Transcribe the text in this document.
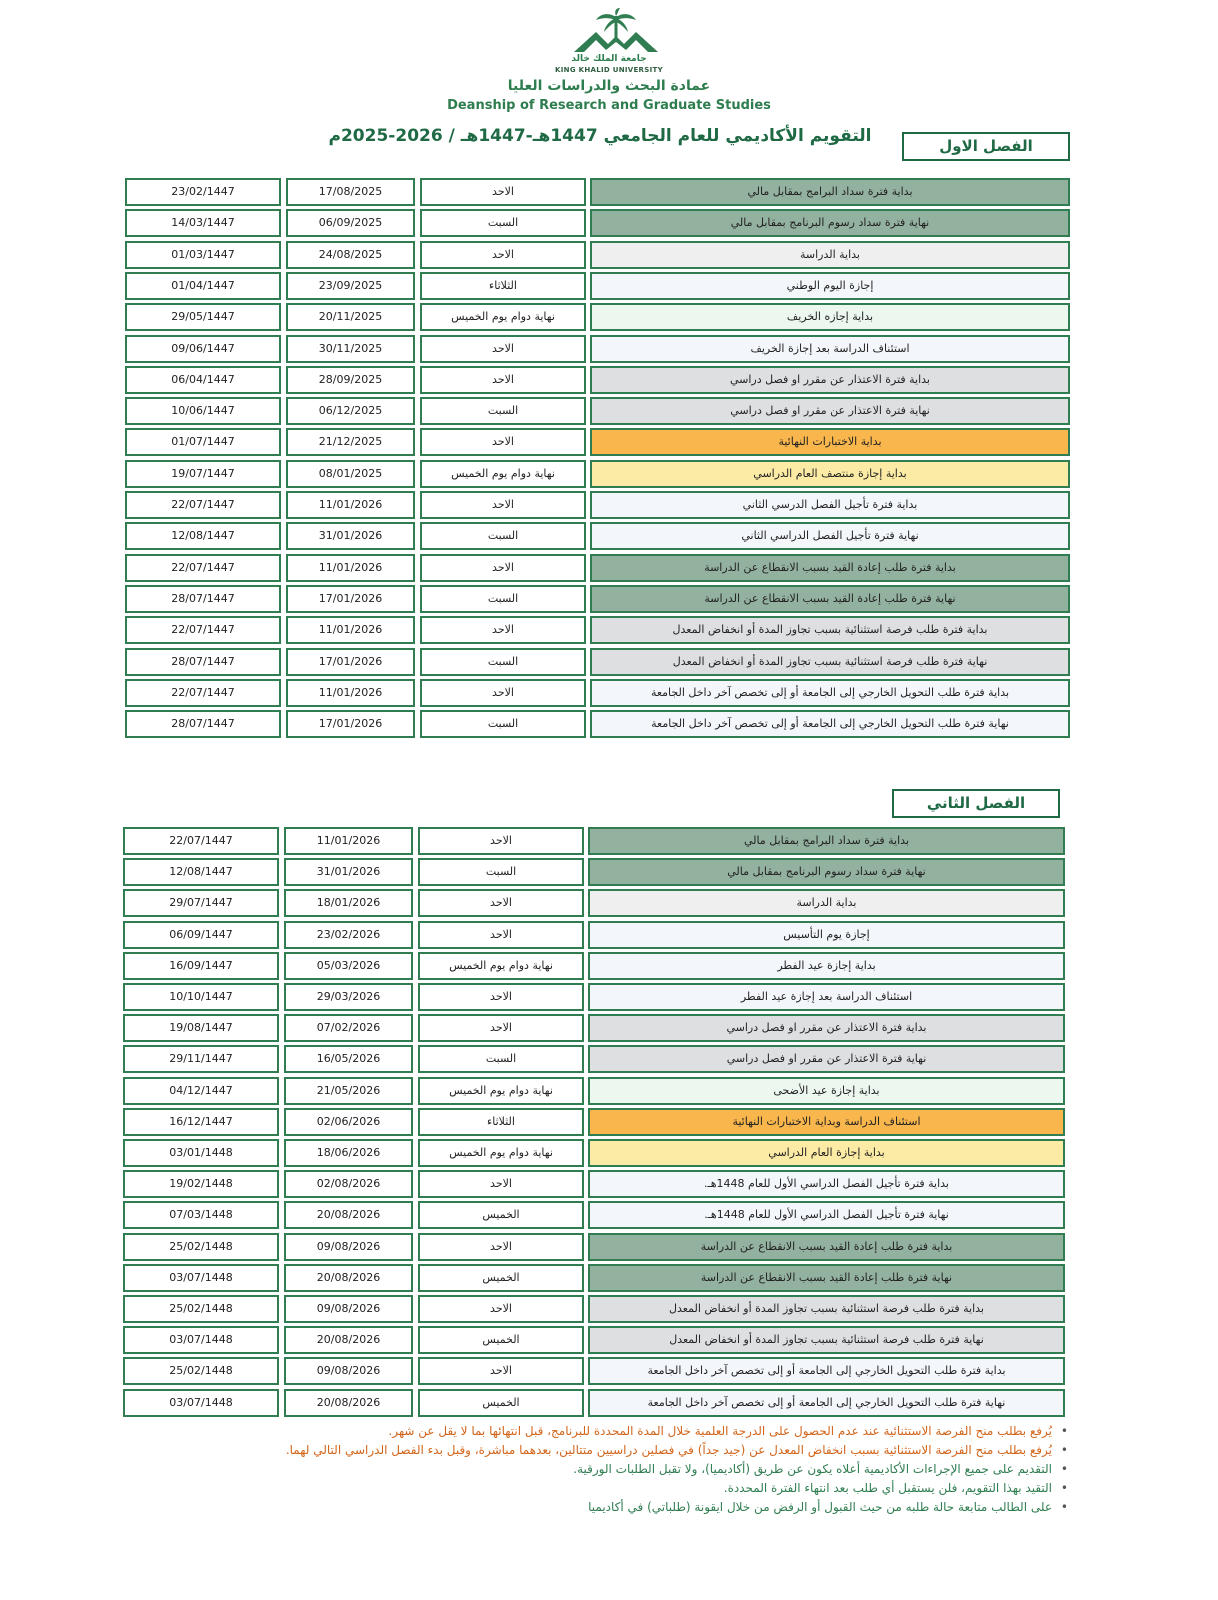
جامعة الملك خالد
KING KHALID UNIVERSITY
عمادة البحث والدراسات العليا
Deanship of Research and Graduate Studies
التقويم الأكاديمي للعام الجامعي 1447هـ-1447هـ / 2026-2025م	الفصل الاول
23/02/1447	17/08/2025	الاحد	بداية فترة سداد البرامج بمقابل مالي
14/03/1447	06/09/2025	السبت	نهاية فترة سداد رسوم البرنامج بمقابل مالي
01/03/1447	24/08/2025	الاحد	بداية الدراسة
01/04/1447	23/09/2025	الثلاثاء	إجازة اليوم الوطني
29/05/1447	20/11/2025	نهاية دوام يوم الخميس	بداية إجازه الخريف
09/06/1447	30/11/2025	الاحد	استئناف الدراسة بعد إجازة الخريف
06/04/1447	28/09/2025	الاحد	بداية فترة الاعتذار عن مقرر او فصل دراسي
10/06/1447	06/12/2025	السبت	نهاية فترة الاعتذار عن مقرر او فصل دراسي
01/07/1447	21/12/2025	الاحد	بداية الاختبارات النهائية
19/07/1447	08/01/2025	نهاية دوام يوم الخميس	بداية إجازة منتصف العام الدراسي
22/07/1447	11/01/2026	الاحد	بداية فترة تأجيل الفصل الدرسي الثاني
12/08/1447	31/01/2026	السبت	نهاية فترة تأجيل الفصل الدراسي الثاني
22/07/1447	11/01/2026	الاحد	بداية فترة طلب إعادة القيد بسبب الانقطاع عن الدراسة
28/07/1447	17/01/2026	السبت	نهاية فترة طلب إعادة القيد بسبب الانقطاع عن الدراسة
22/07/1447	11/01/2026	الاحد	بداية فترة طلب فرصة استثنائية بسبب تجاوز المدة أو انخفاض المعدل
28/07/1447	17/01/2026	السبت	نهاية فترة طلب فرصة استثنائية بسبب تجاوز المدة أو انخفاض المعدل
22/07/1447	11/01/2026	الاحد	بداية فترة طلب التحويل الخارجي إلى الجامعة أو إلى تخصص آخر داخل الجامعة
28/07/1447	17/01/2026	السبت	نهاية فترة طلب التحويل الخارجي إلى الجامعة أو إلى تخصص آخر داخل الجامعة
الفصل الثاني
22/07/1447	11/01/2026	الاحد	بداية فترة سداد البرامج بمقابل مالي
12/08/1447	31/01/2026	السبت	نهاية فترة سداد رسوم البرنامج بمقابل مالي
29/07/1447	18/01/2026	الاحد	بداية الدراسة
06/09/1447	23/02/2026	الاحد	إجازة يوم التأسيس
16/09/1447	05/03/2026	نهاية دوام يوم الخميس	بداية إجازة عيد الفطر
10/10/1447	29/03/2026	الاحد	استئناف الدراسة بعد إجازة عيد الفطر
19/08/1447	07/02/2026	الاحد	بداية فترة الاعتذار عن مقرر او فصل دراسي
29/11/1447	16/05/2026	السبت	نهاية فترة الاعتذار عن مقرر او فصل دراسي
04/12/1447	21/05/2026	نهاية دوام يوم الخميس	بداية إجازة عيد الأضحى
16/12/1447	02/06/2026	الثلاثاء	استئناف الدراسة وبداية الاختبارات النهائية
03/01/1448	18/06/2026	نهاية دوام يوم الخميس	بداية إجازة العام الدراسي
19/02/1448	02/08/2026	الاحد	بداية فترة تأجيل الفصل الدراسي الأول للعام 1448هـ.
07/03/1448	20/08/2026	الخميس	نهاية فترة تأجيل الفصل الدراسي الأول للعام 1448هـ.
25/02/1448	09/08/2026	الاحد	بداية فترة طلب إعادة القيد بسبب الانقطاع عن الدراسة
03/07/1448	20/08/2026	الخميس	نهاية فترة طلب إعادة القيد بسبب الانقطاع عن الدراسة
25/02/1448	09/08/2026	الاحد	بداية فترة طلب فرصة استثنائية بسبب تجاوز المدة أو انخفاض المعدل
03/07/1448	20/08/2026	الخميس	نهاية فترة طلب فرصة استثنائية بسبب تجاوز المدة أو انخفاض المعدل
25/02/1448	09/08/2026	الاحد	بداية فترة طلب التحويل الخارجي إلى الجامعة أو إلى تخصص آخر داخل الجامعة
03/07/1448	20/08/2026	الخميس	نهاية فترة طلب التحويل الخارجي إلى الجامعة أو إلى تخصص آخر داخل الجامعة
• يُرفع بطلب منح الفرصة الاستثنائية عند عدم الحصول على الدرجة العلمية خلال المدة المحددة للبرنامج، قبل انتهائها بما لا يقل عن شهر.
• يُرفع بطلب منح الفرصة الاستثنائية بسبب انخفاض المعدل عن (جيد جداً) في فصلين دراسيين متتالين، بعدهما مباشرة، وقبل بدء الفصل الدراسي التالي لهما.
• التقديم على جميع الإجراءات الأكاديمية أعلاه يكون عن طريق (أكاديميا)، ولا تقبل الطلبات الورقية.
• التقيد بهذا التقويم، فلن يستقبل أي طلب بعد انتهاء الفترة المحددة.
• على الطالب متابعة حالة طلبه من حيث القبول أو الرفض من خلال ايقونة (طلباتي) في أكاديميا
